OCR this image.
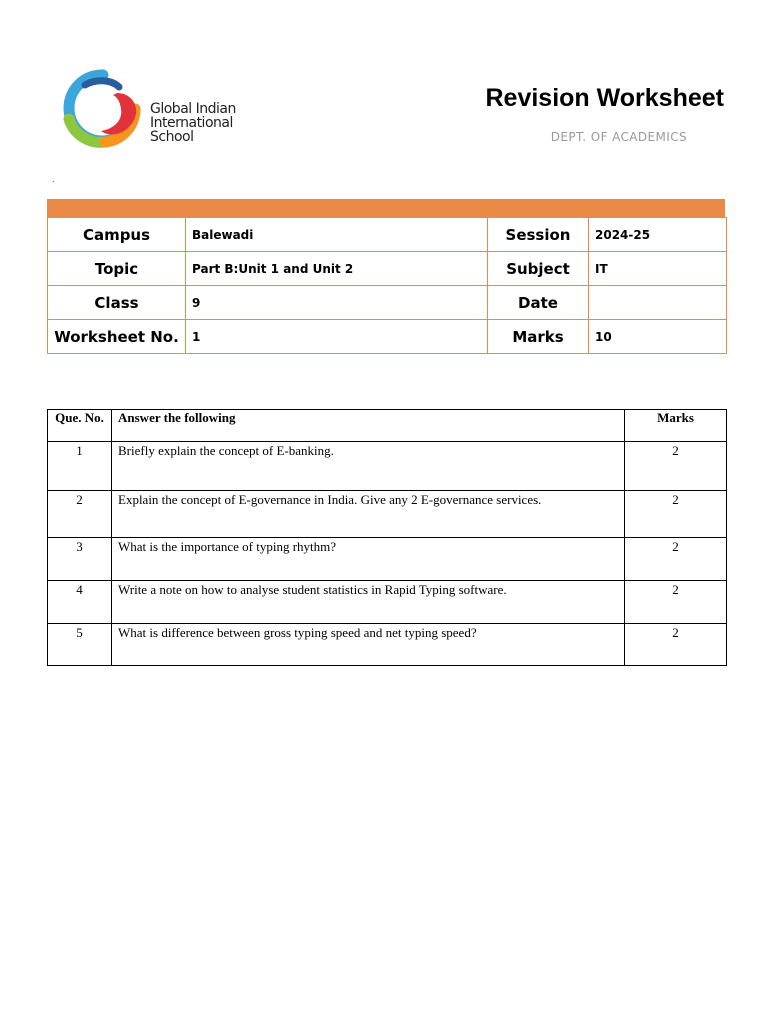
Global Indian
International
School
Revision Worksheet
DEPT. OF ACADEMICS
.
Campus	Balewadi	Session	2024-25
Topic	Part B:Unit 1 and Unit 2	Subject	IT
Class	9	Date	
Worksheet No.	1	Marks	10
Que. No.	Answer the following	Marks
1	Briefly explain the concept of E-banking.	2
2	Explain the concept of E-governance in India. Give any 2 E-governance services.	2
3	What is the importance of typing rhythm?	2
4	Write a note on how to analyse student statistics in Rapid Typing software.	2
5	What is difference between gross typing speed and net typing speed?	2
